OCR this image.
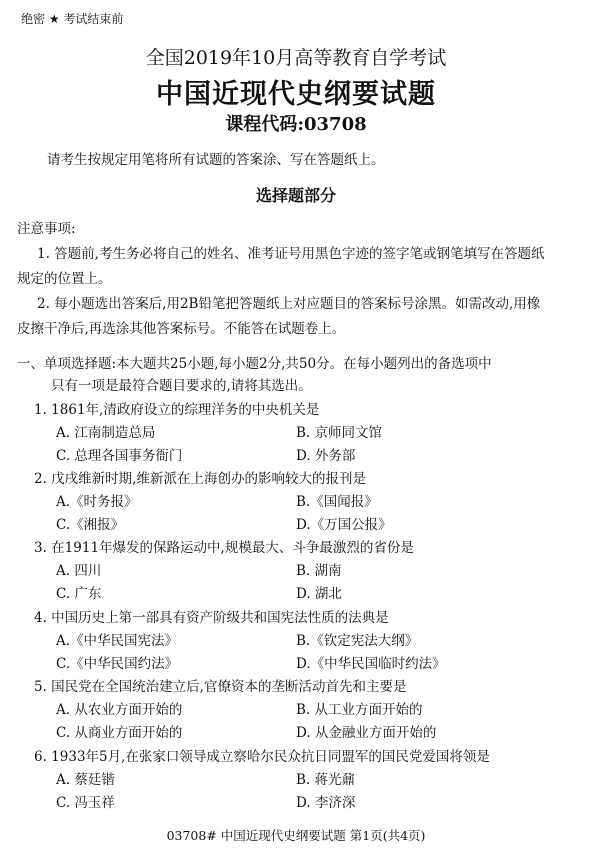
绝密 ★ 考试结束前
全国2019年10月高等教育自学考试
中国近现代史纲要试题
课程代码:03708
请考生按规定用笔将所有试题的答案涂、写在答题纸上。
选择题部分
注意事项:
1. 答题前,考生务必将自己的姓名、准考证号用黑色字迹的签字笔或钢笔填写在答题纸
规定的位置上。
2. 每小题选出答案后,用2B铅笔把答题纸上对应题目的答案标号涂黑。如需改动,用橡
皮擦干净后,再选涂其他答案标号。不能答在试题卷上。
一、单项选择题:本大题共25小题,每小题2分,共50分。在每小题列出的备选项中
只有一项是最符合题目要求的,请将其选出。
1. 1861年,清政府设立的综理洋务的中央机关是
A. 江南制造总局	B. 京师同文馆
C. 总理各国事务衙门	D. 外务部
2. 戊戌维新时期,维新派在上海创办的影响较大的报刊是
A.《时务报》	B.《国闻报》
C.《湘报》	D.《万国公报》
3. 在1911年爆发的保路运动中,规模最大、斗争最激烈的省份是
A. 四川	B. 湖南
C. 广东	D. 湖北
4. 中国历史上第一部具有资产阶级共和国宪法性质的法典是
A.《中华民国宪法》	B.《钦定宪法大纲》
C.《中华民国约法》	D.《中华民国临时约法》
5. 国民党在全国统治建立后,官僚资本的垄断活动首先和主要是
A. 从农业方面开始的	B. 从工业方面开始的
C. 从商业方面开始的	D. 从金融业方面开始的
6. 1933年5月,在张家口领导成立察哈尔民众抗日同盟军的国民党爱国将领是
A. 蔡廷锴	B. 蒋光鼐
C. 冯玉祥	D. 李济深
03708# 中国近现代史纲要试题 第1页(共4页)
